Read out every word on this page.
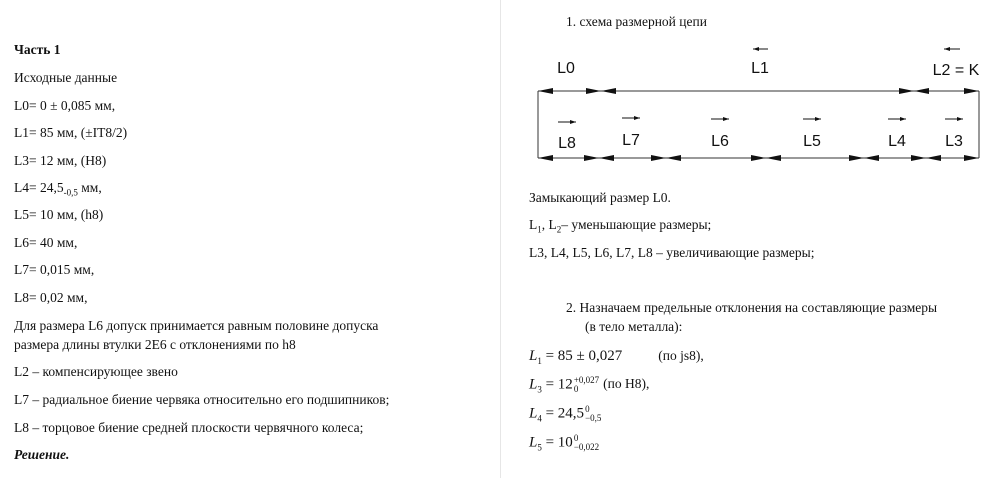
Часть 1
Исходные данные
L0= 0 ± 0,085 мм,
L1= 85 мм, (±IT8/2)
L3= 12 мм, (H8)
$L4= 24,5_{-0,5}$ мм,
L5= 10 мм, (h8)
L6= 40 мм,
L7= 0,015 мм,
L8= 0,02 мм,
Для размера L6 допуск принимается равным половине допуска
размера длины втулки 2Е6 с отклонениями по h8
L2 – компенсирующее звено
L7 – радиальное биение червяка относительно его подшипников;
L8 – торцовое биение средней плоскости червячного колеса;
Решение.
1. схема размерной цепи
L0	L1	L2 = K
L8	L7	L6	L5	L4 L3
Замыкающий размер L0.
$L_1$, $L_2-$ уменьшающие размеры;
L3, L4, L5, L6, L7, L8 – увеличивающие размеры;
2. Назначаем предельные отклонения на составляющие размеры
(в тело металла):
$L_1 = 85 \pm 0,027$	(по js8),
$L_3 = 12 +0,027$
0	(по H8),
$L_4 = 24,5$ 0
−0,5
$L_5 = 10$ 0
−0,022
